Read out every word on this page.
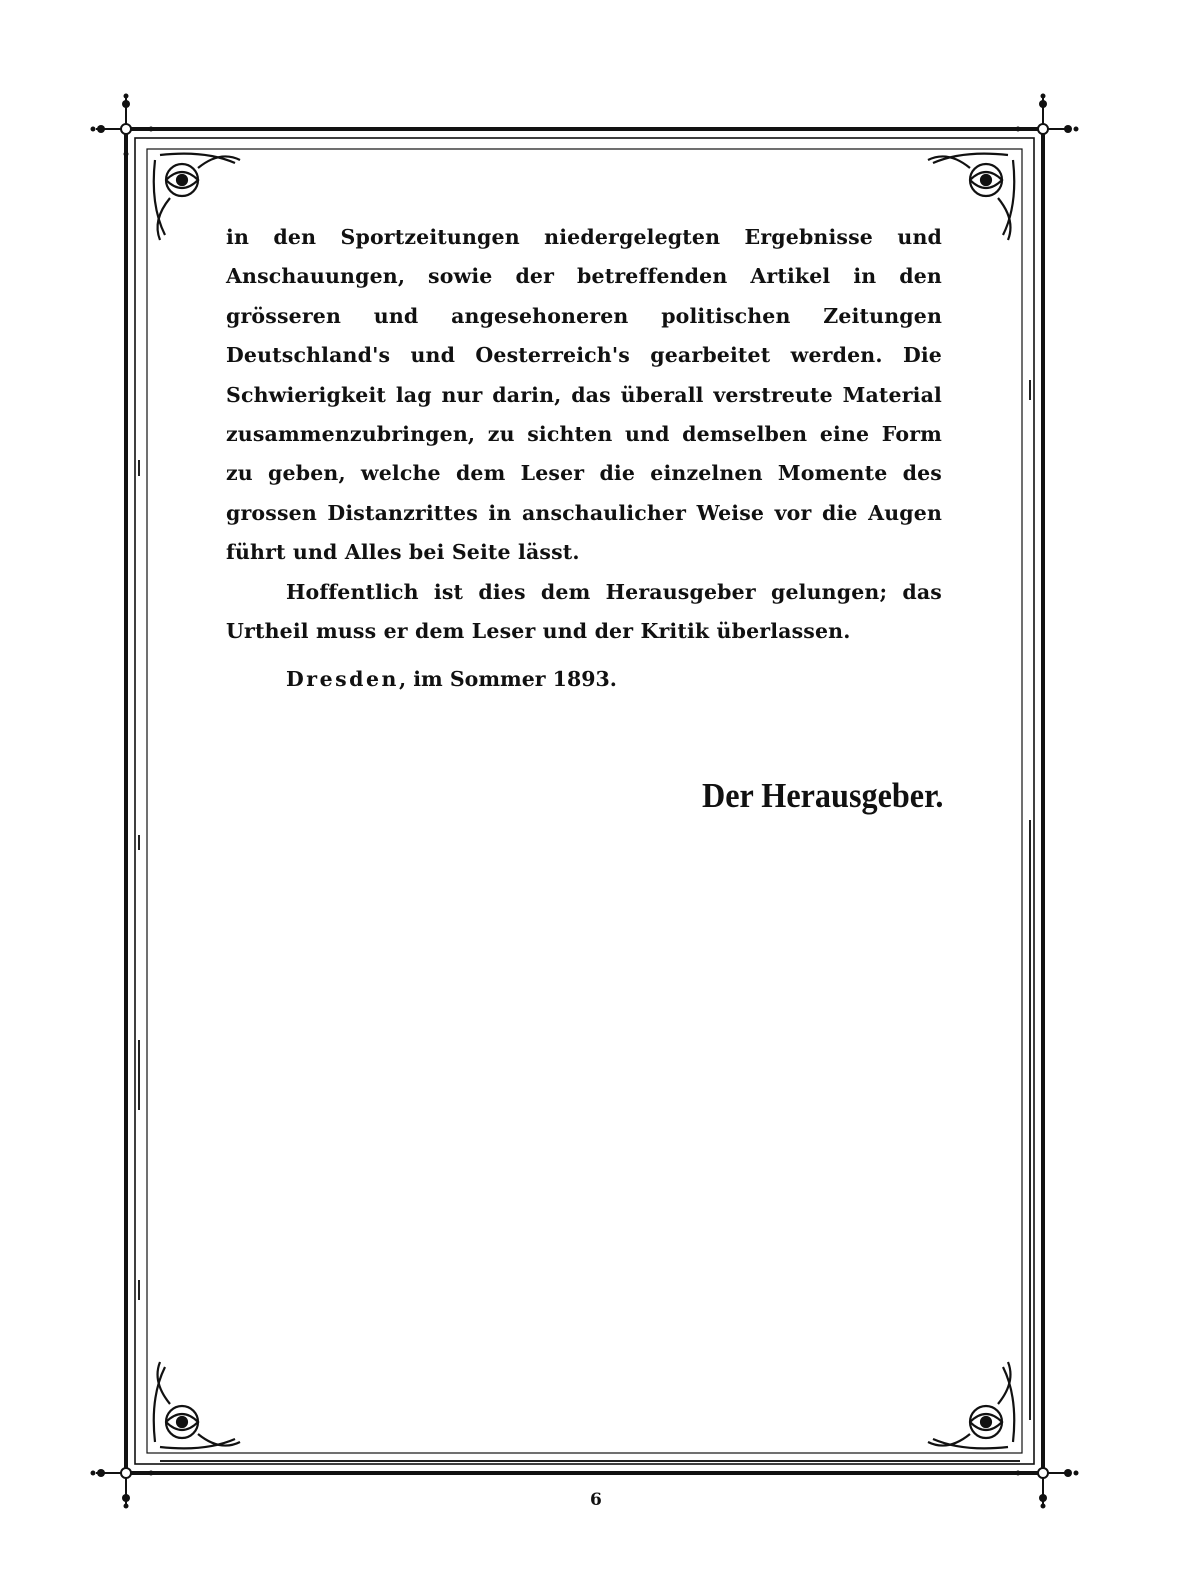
in den Sportzeitungen niedergelegten Ergebnisse und Anschauungen, sowie der betreffenden Artikel in den grösseren und angesehoneren politischen Zeitungen Deutschland's und Oesterreich's gearbeitet werden. Die Schwierigkeit lag nur darin, das überall verstreute Material zusammenzubringen, zu sichten und demselben eine Form zu geben, welche dem Leser die einzelnen Momente des grossen Distanzrittes in anschaulicher Weise vor die Augen führt und Alles bei Seite lässt.

Hoffentlich ist dies dem Herausgeber gelungen; das Urtheil muss er dem Leser und der Kritik überlassen.

Dresden, im Sommer 1893.
Der Herausgeber.
6
